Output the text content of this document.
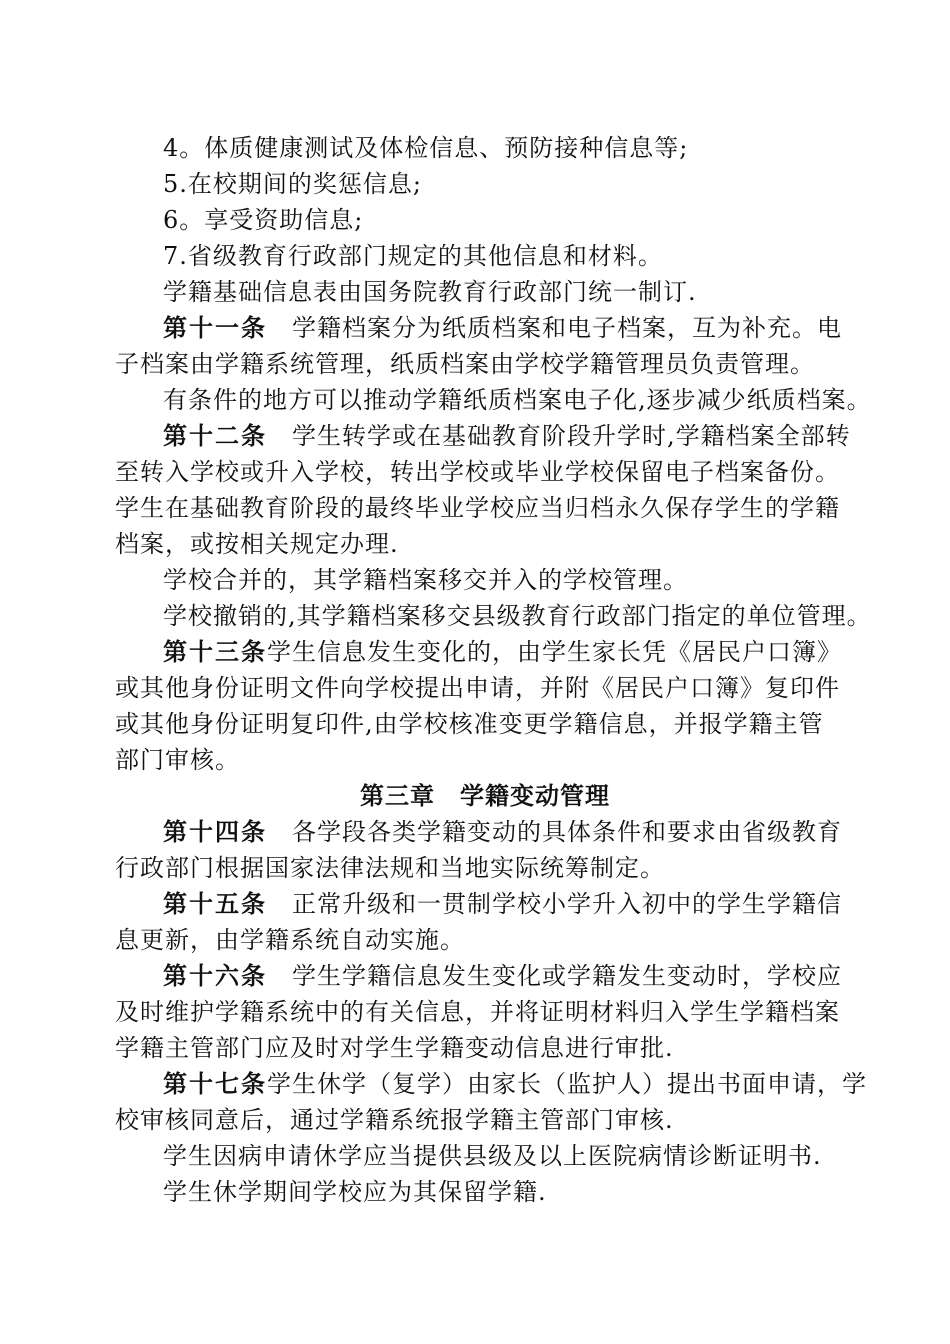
4。体质健康测试及体检信息、预防接种信息等;
5.在校期间的奖惩信息;
6。享受资助信息;
7.省级教育行政部门规定的其他信息和材料。
学籍基础信息表由国务院教育行政部门统一制订.
第十一条　学籍档案分为纸质档案和电子档案，互为补充。电
子档案由学籍系统管理，纸质档案由学校学籍管理员负责管理。
有条件的地方可以推动学籍纸质档案电子化,逐步减少纸质档案。
第十二条　学生转学或在基础教育阶段升学时,学籍档案全部转
至转入学校或升入学校，转出学校或毕业学校保留电子档案备份。
学生在基础教育阶段的最终毕业学校应当归档永久保存学生的学籍
档案，或按相关规定办理.
学校合并的，其学籍档案移交并入的学校管理。
学校撤销的,其学籍档案移交县级教育行政部门指定的单位管理。
第十三条学生信息发生变化的，由学生家长凭《居民户口簿》
或其他身份证明文件向学校提出申请，并附《居民户口簿》复印件
或其他身份证明复印件,由学校核准变更学籍信息，并报学籍主管
部门审核。
第三章　学籍变动管理
第十四条　各学段各类学籍变动的具体条件和要求由省级教育
行政部门根据国家法律法规和当地实际统筹制定。
第十五条　正常升级和一贯制学校小学升入初中的学生学籍信
息更新，由学籍系统自动实施。
第十六条　学生学籍信息发生变化或学籍发生变动时，学校应
及时维护学籍系统中的有关信息，并将证明材料归入学生学籍档案
学籍主管部门应及时对学生学籍变动信息进行审批.
第十七条学生休学（复学）由家长（监护人）提出书面申请，学
校审核同意后，通过学籍系统报学籍主管部门审核.
学生因病申请休学应当提供县级及以上医院病情诊断证明书.
学生休学期间学校应为其保留学籍.
